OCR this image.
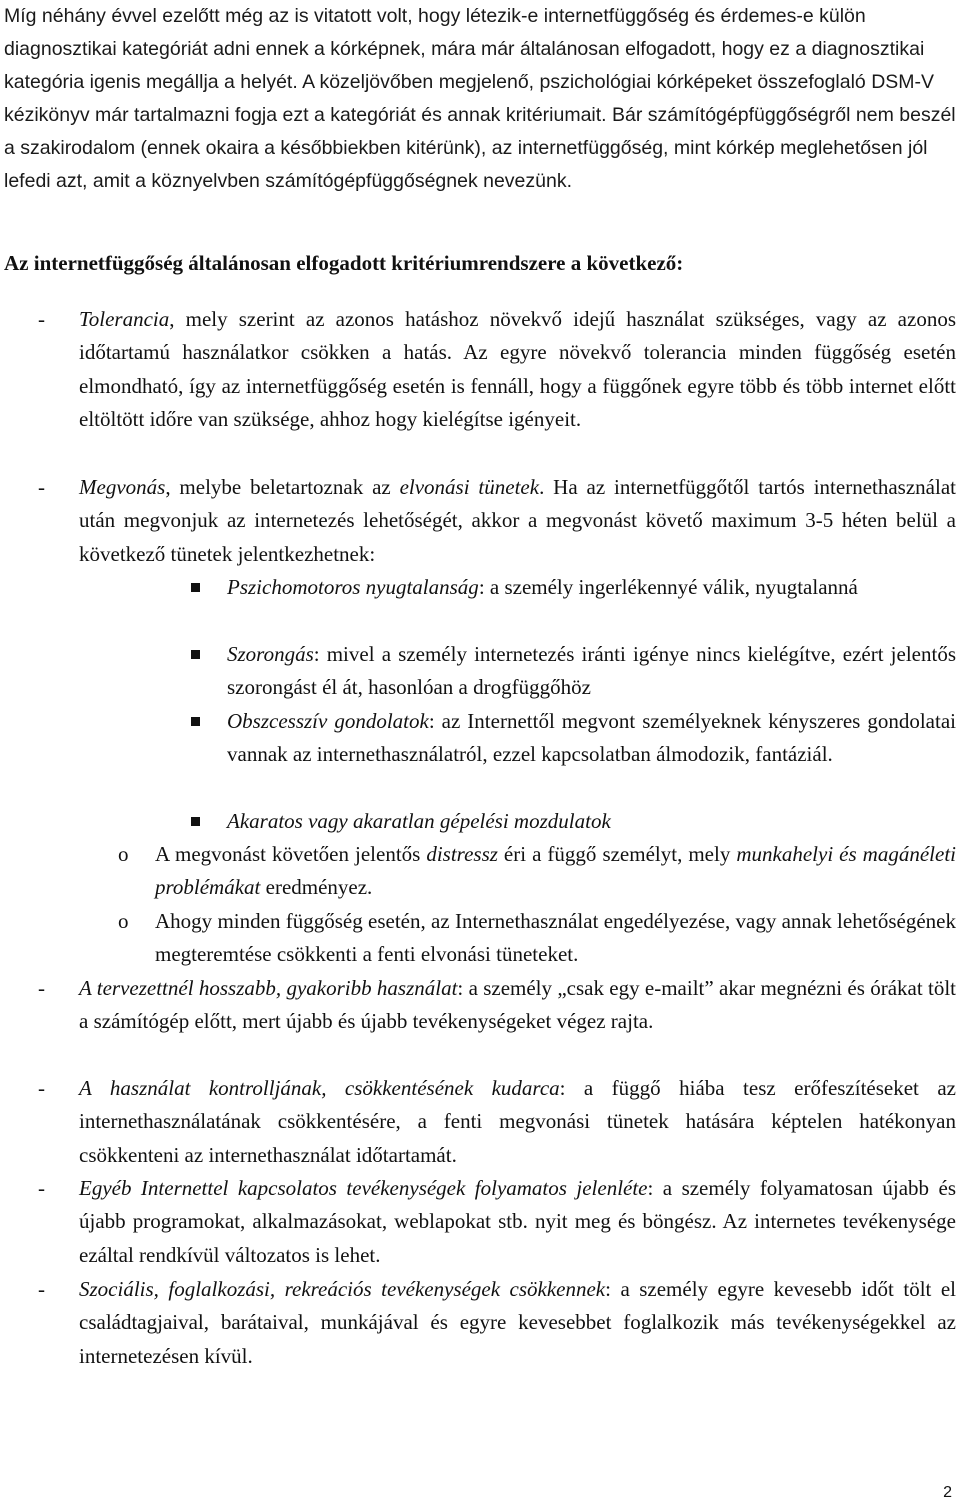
Míg néhány évvel ezelőtt még az is vitatott volt, hogy létezik-e internetfüggőség és érdemes-e külön diagnosztikai kategóriát adni ennek a kórképnek, mára már általánosan elfogadott, hogy ez a diagnosztikai kategória igenis megállja a helyét. A közeljövőben megjelenő, pszichológiai kórképeket összefoglaló DSM-V kézikönyv már tartalmazni fogja ezt a kategóriát és annak kritériumait. Bár számítógépfüggőségről nem beszél a szakirodalom (ennek okaira a későbbiekben kitérünk), az internetfüggőség, mint kórkép meglehetősen jól lefedi azt, amit a köznyelvben számítógépfüggőségnek nevezünk.

Az internetfüggőség általánosan elfogadott kritériumrendszere a következő:

- Tolerancia, mely szerint az azonos hatáshoz növekvő idejű használat szükséges, vagy az azonos időtartamú használatkor csökken a hatás. Az egyre növekvő tolerancia minden függőség esetén elmondható, így az internetfüggőség esetén is fennáll, hogy a függőnek egyre több és több internet előtt eltöltött időre van szüksége, ahhoz hogy kielégítse igényeit.
- Megvonás, melybe beletartoznak az elvonási tünetek. Ha az internetfüggőtől tartós internethasználat után megvonjuk az internetezés lehetőségét, akkor a megvonást követő maximum 3-5 héten belül a következő tünetek jelentkezhetnek:
Pszichomotoros nyugtalanság: a személy ingerlékennyé válik, nyugtalanná
Szorongás: mivel a személy internetezés iránti igénye nincs kielégítve, ezért jelentős szorongást él át, hasonlóan a drogfüggőhöz
Obszcesszív gondolatok: az Internettől megvont személyeknek kényszeres gondolatai vannak az internethasználatról, ezzel kapcsolatban álmodozik, fantáziál.
Akaratos vagy akaratlan gépelési mozdulatok
o A megvonást követően jelentős distressz éri a függő személyt, mely munkahelyi és magánéleti problémákat eredményez.
o Ahogy minden függőség esetén, az Internethasználat engedélyezése, vagy annak lehetőségének megteremtése csökkenti a fenti elvonási tüneteket.
- A tervezettnél hosszabb, gyakoribb használat: a személy „csak egy e-mailt” akar megnézni és órákat tölt a számítógép előtt, mert újabb és újabb tevékenységeket végez rajta.
- A használat kontrolljának, csökkentésének kudarca: a függő hiába tesz erőfeszítéseket az internethasználatának csökkentésére, a fenti megvonási tünetek hatására képtelen hatékonyan csökkenteni az internethasználat időtartamát.
- Egyéb Internettel kapcsolatos tevékenységek folyamatos jelenléte: a személy folyamatosan újabb és újabb programokat, alkalmazásokat, weblapokat stb. nyit meg és böngész. Az internetes tevékenysége ezáltal rendkívül változatos is lehet.
- Szociális, foglalkozási, rekreációs tevékenységek csökkennek: a személy egyre kevesebb időt tölt el családtagjaival, barátaival, munkájával és egyre kevesebbet foglalkozik más tevékenységekkel az internetezésen kívül.
2
